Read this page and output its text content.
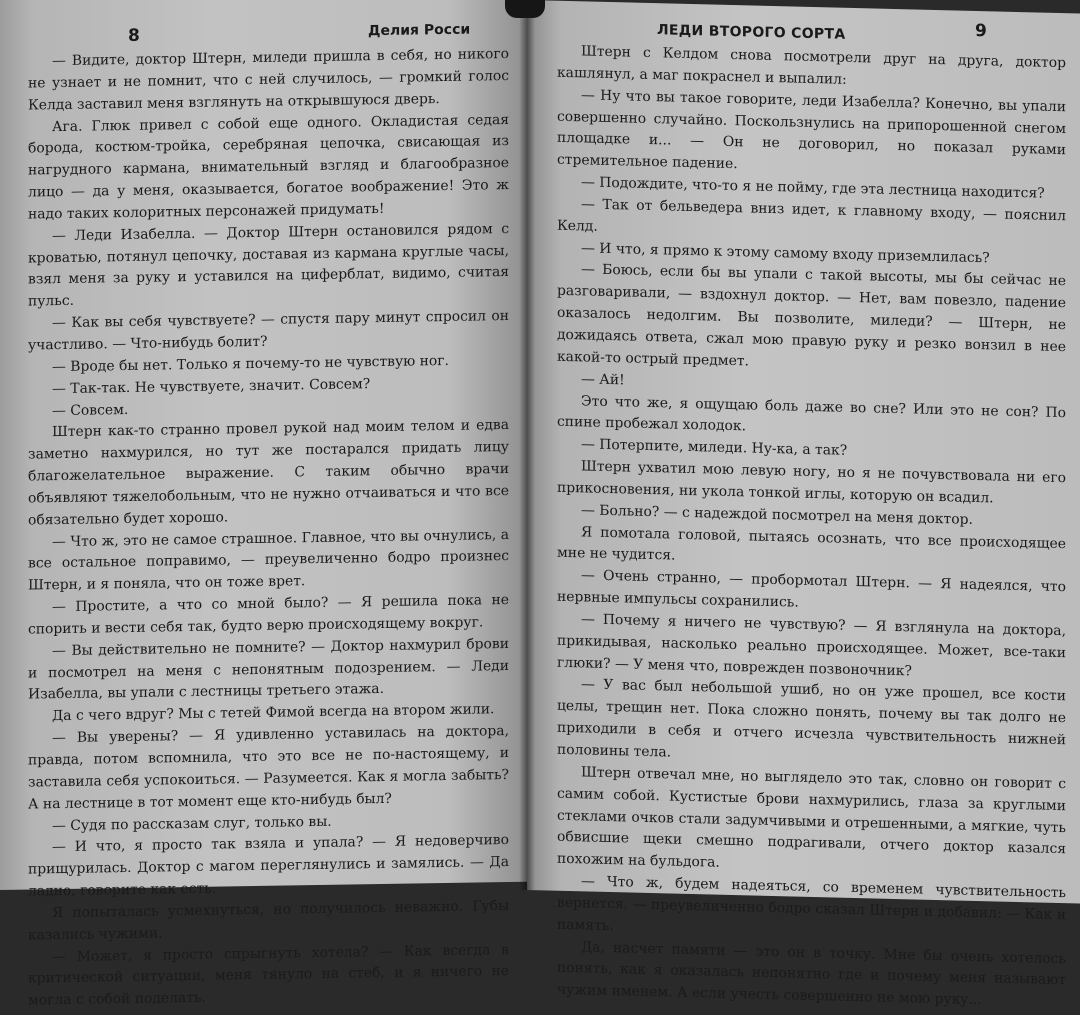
8	Делия Росси

— Видите, доктор Штерн, миледи пришла в себя, но никого не узнает и не помнит, что с ней случилось, — громкий голос Келда заставил меня взглянуть на открывшуюся дверь.

Ага. Глюк привел с собой еще одного. Окладистая седая борода, костюм-тройка, серебряная цепочка, свисающая из нагрудного кармана, внимательный взгляд и благообразное лицо — да у меня, оказывается, богатое воображение! Это ж надо таких колоритных персонажей придумать!

— Леди Изабелла. — Доктор Штерн остановился рядом с кроватью, потянул цепочку, доставая из кармана круглые часы, взял меня за руку и уставился на циферблат, видимо, считая пульс.

— Как вы себя чувствуете? — спустя пару минут спросил он участливо. — Что-нибудь болит?

— Вроде бы нет. Только я почему-то не чувствую ног.

— Так-так. Не чувствуете, значит. Совсем?

— Совсем.

Штерн как-то странно провел рукой над моим телом и едва заметно нахмурился, но тут же постарался придать лицу благожелательное выражение. С таким обычно врачи объявляют тяжелобольным, что не нужно отчаиваться и что все обязательно будет хорошо.

— Что ж, это не самое страшное. Главное, что вы очнулись, а все остальное поправимо, — преувеличенно бодро произнес Штерн, и я поняла, что он тоже врет.

— Простите, а что со мной было? — Я решила пока не спорить и вести себя так, будто верю происходящему вокруг.

— Вы действительно не помните? — Доктор нахмурил брови и посмотрел на меня с непонятным подозрением. — Леди Изабелла, вы упали с лестницы третьего этажа.

Да с чего вдруг? Мы с тетей Фимой всегда на втором жили.

— Вы уверены? — Я удивленно уставилась на доктора, правда, потом вспомнила, что это все не по-настоящему, и заставила себя успокоиться. — Разумеется. Как я могла забыть? А на лестнице в тот момент еще кто-нибудь был?

— Судя по рассказам слуг, только вы.

— И что, я просто так взяла и упала? — Я недоверчиво прищурилась. Доктор с магом переглянулись и замялись. — Да ладно, говорите как есть.

Я попыталась усмехнуться, но получилось неважно. Губы казались чужими.

— Может, я просто спрыгнуть хотела? — Как всегда в критической ситуации, меня тянуло на стеб, и я ничего не могла с собой поделать.

ЛЕДИ ВТОРОГО СОРТА	9

Штерн с Келдом снова посмотрели друг на друга, доктор кашлянул, а маг покраснел и выпалил:

— Ну что вы такое говорите, леди Изабелла? Конечно, вы упали совершенно случайно. Поскользнулись на припорошенной снегом площадке и... — Он не договорил, но показал руками стремительное падение.

— Подождите, что-то я не пойму, где эта лестница находится?

— Так от бельведера вниз идет, к главному входу, — пояснил Келд.

— И что, я прямо к этому самому входу приземлилась?

— Боюсь, если бы вы упали с такой высоты, мы бы сейчас не разговаривали, — вздохнул доктор. — Нет, вам повезло, падение оказалось недолгим. Вы позволите, миледи? — Штерн, не дожидаясь ответа, сжал мою правую руку и резко вонзил в нее какой-то острый предмет.

— Ай!

Это что же, я ощущаю боль даже во сне? Или это не сон? По спине пробежал холодок.

— Потерпите, миледи. Ну-ка, а так?

Штерн ухватил мою левую ногу, но я не почувствовала ни его прикосновения, ни укола тонкой иглы, которую он всадил.

— Больно? — с надеждой посмотрел на меня доктор.

Я помотала головой, пытаясь осознать, что все происходящее мне не чудится.

— Очень странно, — пробормотал Штерн. — Я надеялся, что нервные импульсы сохранились.

— Почему я ничего не чувствую? — Я взглянула на доктора, прикидывая, насколько реально происходящее. Может, все-таки глюки? — У меня что, поврежден позвоночник?

— У вас был небольшой ушиб, но он уже прошел, все кости целы, трещин нет. Пока сложно понять, почему вы так долго не приходили в себя и отчего исчезла чувствительность нижней половины тела.

Штерн отвечал мне, но выглядело это так, словно он говорит с самим собой. Кустистые брови нахмурились, глаза за круглыми стеклами очков стали задумчивыми и отрешенными, а мягкие, чуть обвисшие щеки смешно подрагивали, отчего доктор казался похожим на бульдога.

— Что ж, будем надеяться, со временем чувствительность вернется, — преувеличенно бодро сказал Штерн и добавил: — Как и память.

Да, насчет памяти — это он в точку. Мне бы очень хотелось понять, как я оказалась непонятно где и почему меня называют чужим именем. А если учесть совершенно не мою руку...
